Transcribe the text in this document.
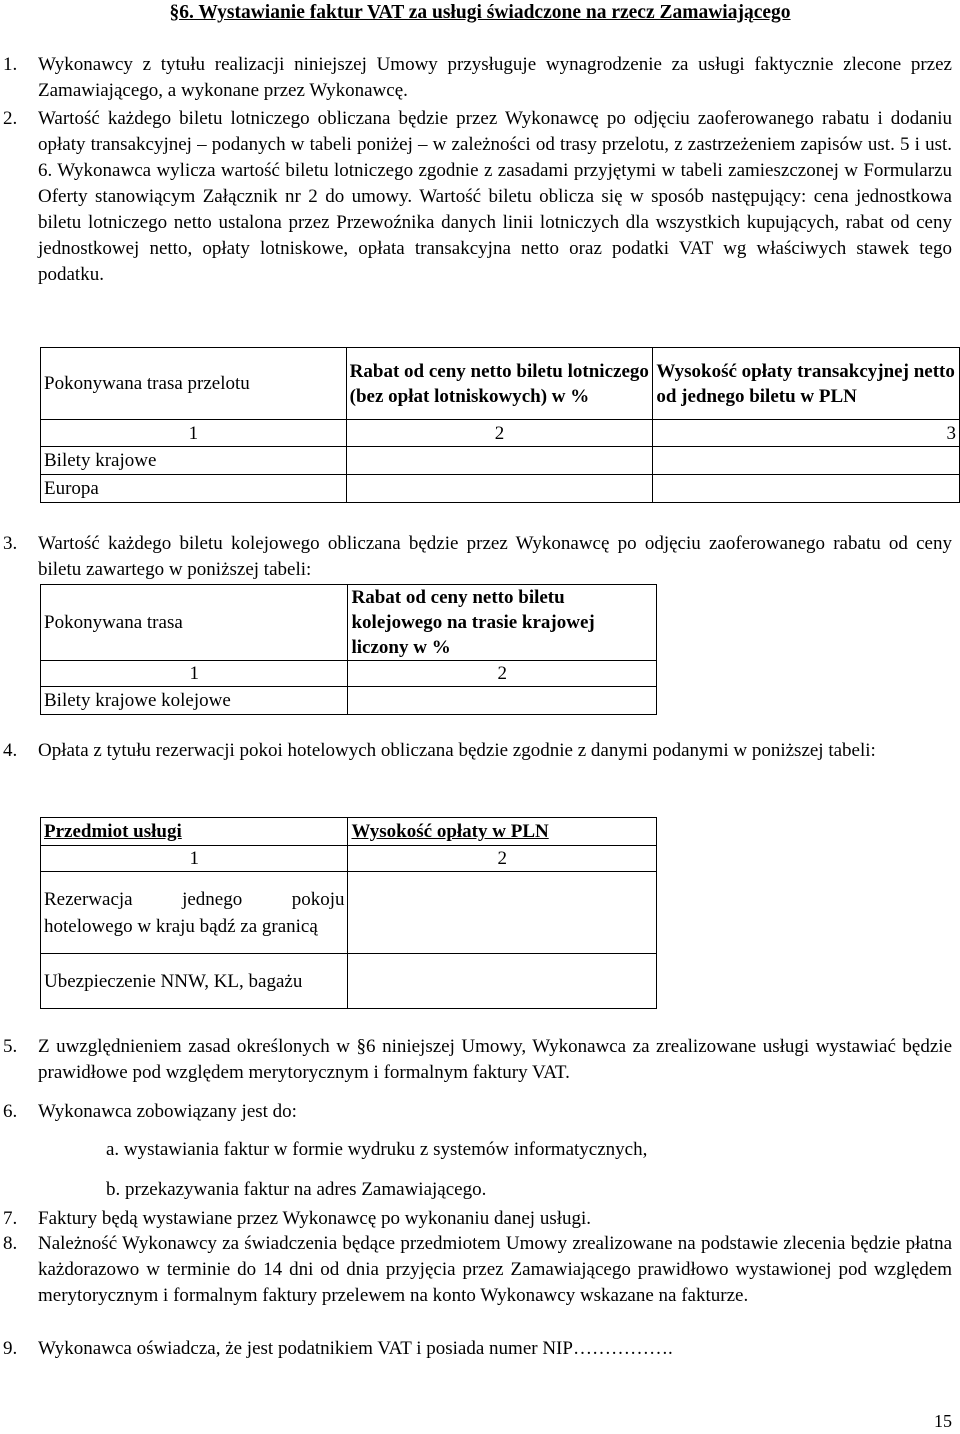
§6. Wystawianie faktur VAT za usługi świadczone na rzecz Zamawiającego
1. Wykonawcy z tytułu realizacji niniejszej Umowy przysługuje wynagrodzenie za usługi faktycznie zlecone przez Zamawiającego, a wykonane przez Wykonawcę.
2. Wartość każdego biletu lotniczego obliczana będzie przez Wykonawcę po odjęciu zaoferowanego rabatu i dodaniu opłaty transakcyjnej – podanych w tabeli poniżej – w zależności od trasy przelotu, z zastrzeżeniem zapisów ust. 5 i ust. 6. Wykonawca wylicza wartość biletu lotniczego zgodnie z zasadami przyjętymi w tabeli zamieszczonej w Formularzu Oferty stanowiącym Załącznik nr 2 do umowy. Wartość biletu oblicza się w sposób następujący: cena jednostkowa biletu lotniczego netto ustalona przez Przewoźnika danych linii lotniczych dla wszystkich kupujących, rabat od ceny jednostkowej netto, opłaty lotniskowe, opłata transakcyjna netto oraz podatki VAT wg właściwych stawek tego podatku.
Pokonywana trasa przelotu	Rabat od ceny netto biletu lotniczego (bez opłat lotniskowych) w %	Wysokość opłaty transakcyjnej netto od jednego biletu w PLN
1	2	3
Bilety krajowe		
Europa		
3. Wartość każdego biletu kolejowego obliczana będzie przez Wykonawcę po odjęciu zaoferowanego rabatu od ceny biletu zawartego w poniższej tabeli:
Pokonywana trasa	Rabat od ceny netto biletu kolejowego na trasie krajowej liczony w %
1	2
Bilety krajowe kolejowe	
4. Opłata z tytułu rezerwacji pokoi hotelowych obliczana będzie zgodnie z danymi podanymi w poniższej tabeli:
Przedmiot usługi	Wysokość opłaty w PLN
1	2
Rezerwacja jednego pokoju hotelowego w kraju bądź za granicą	
Ubezpieczenie NNW, KL, bagażu	
5. Z uwzględnieniem zasad określonych w §6 niniejszej Umowy, Wykonawca za zrealizowane usługi wystawiać będzie prawidłowe pod względem merytorycznym i formalnym faktury VAT.
6. Wykonawca zobowiązany jest do:
a. wystawiania faktur w formie wydruku z systemów informatycznych,
b. przekazywania faktur na adres Zamawiającego.
7. Faktury będą wystawiane przez Wykonawcę po wykonaniu danej usługi.
8. Należność Wykonawcy za świadczenia będące przedmiotem Umowy zrealizowane na podstawie zlecenia będzie płatna każdorazowo w terminie do 14 dni od dnia przyjęcia przez Zamawiającego prawidłowo wystawionej pod względem merytorycznym i formalnym faktury przelewem na konto Wykonawcy wskazane na fakturze.
9. Wykonawca oświadcza, że jest podatnikiem VAT i posiada numer NIP…………….
15
